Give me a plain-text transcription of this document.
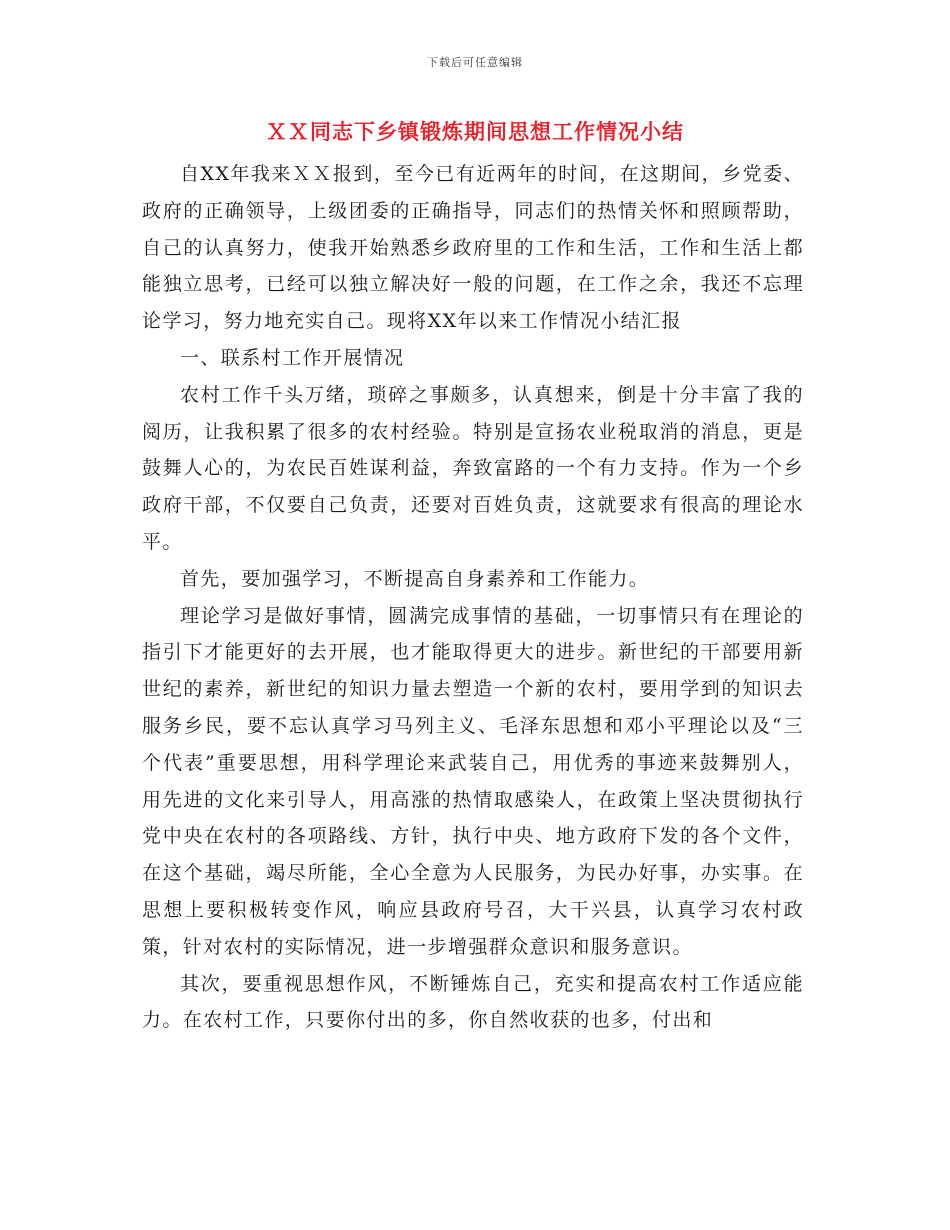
下载后可任意编辑
ＸＸ同志下乡镇锻炼期间思想工作情况小结

自XX年我来ＸＸ报到，至今已有近两年的时间，在这期间，乡党委、政府的正确领导，上级团委的正确指导，同志们的热情关怀和照顾帮助，自己的认真努力，使我开始熟悉乡政府里的工作和生活，工作和生活上都能独立思考，已经可以独立解决好一般的问题，在工作之余，我还不忘理论学习，努力地充实自己。现将XX年以来工作情况小结汇报

一、联系村工作开展情况

农村工作千头万绪，琐碎之事颇多，认真想来，倒是十分丰富了我的阅历，让我积累了很多的农村经验。特别是宣扬农业税取消的消息，更是鼓舞人心的，为农民百姓谋利益，奔致富路的一个有力支持。作为一个乡政府干部，不仅要自己负责，还要对百姓负责，这就要求有很高的理论水平。

首先，要加强学习，不断提高自身素养和工作能力。

理论学习是做好事情，圆满完成事情的基础，一切事情只有在理论的指引下才能更好的去开展，也才能取得更大的进步。新世纪的干部要用新世纪的素养，新世纪的知识力量去塑造一个新的农村，要用学到的知识去服务乡民，要不忘认真学习马列主义、毛泽东思想和邓小平理论以及“三个代表”重要思想，用科学理论来武装自己，用优秀的事迹来鼓舞别人，用先进的文化来引导人，用高涨的热情取感染人，在政策上坚决贯彻执行党中央在农村的各项路线、方针，执行中央、地方政府下发的各个文件，在这个基础，竭尽所能，全心全意为人民服务，为民办好事，办实事。在思想上要积极转变作风，响应县政府号召，大干兴县，认真学习农村政策，针对农村的实际情况，进一步增强群众意识和服务意识。

其次，要重视思想作风，不断锤炼自己，充实和提高农村工作适应能力。在农村工作，只要你付出的多，你自然收获的也多，付出和
